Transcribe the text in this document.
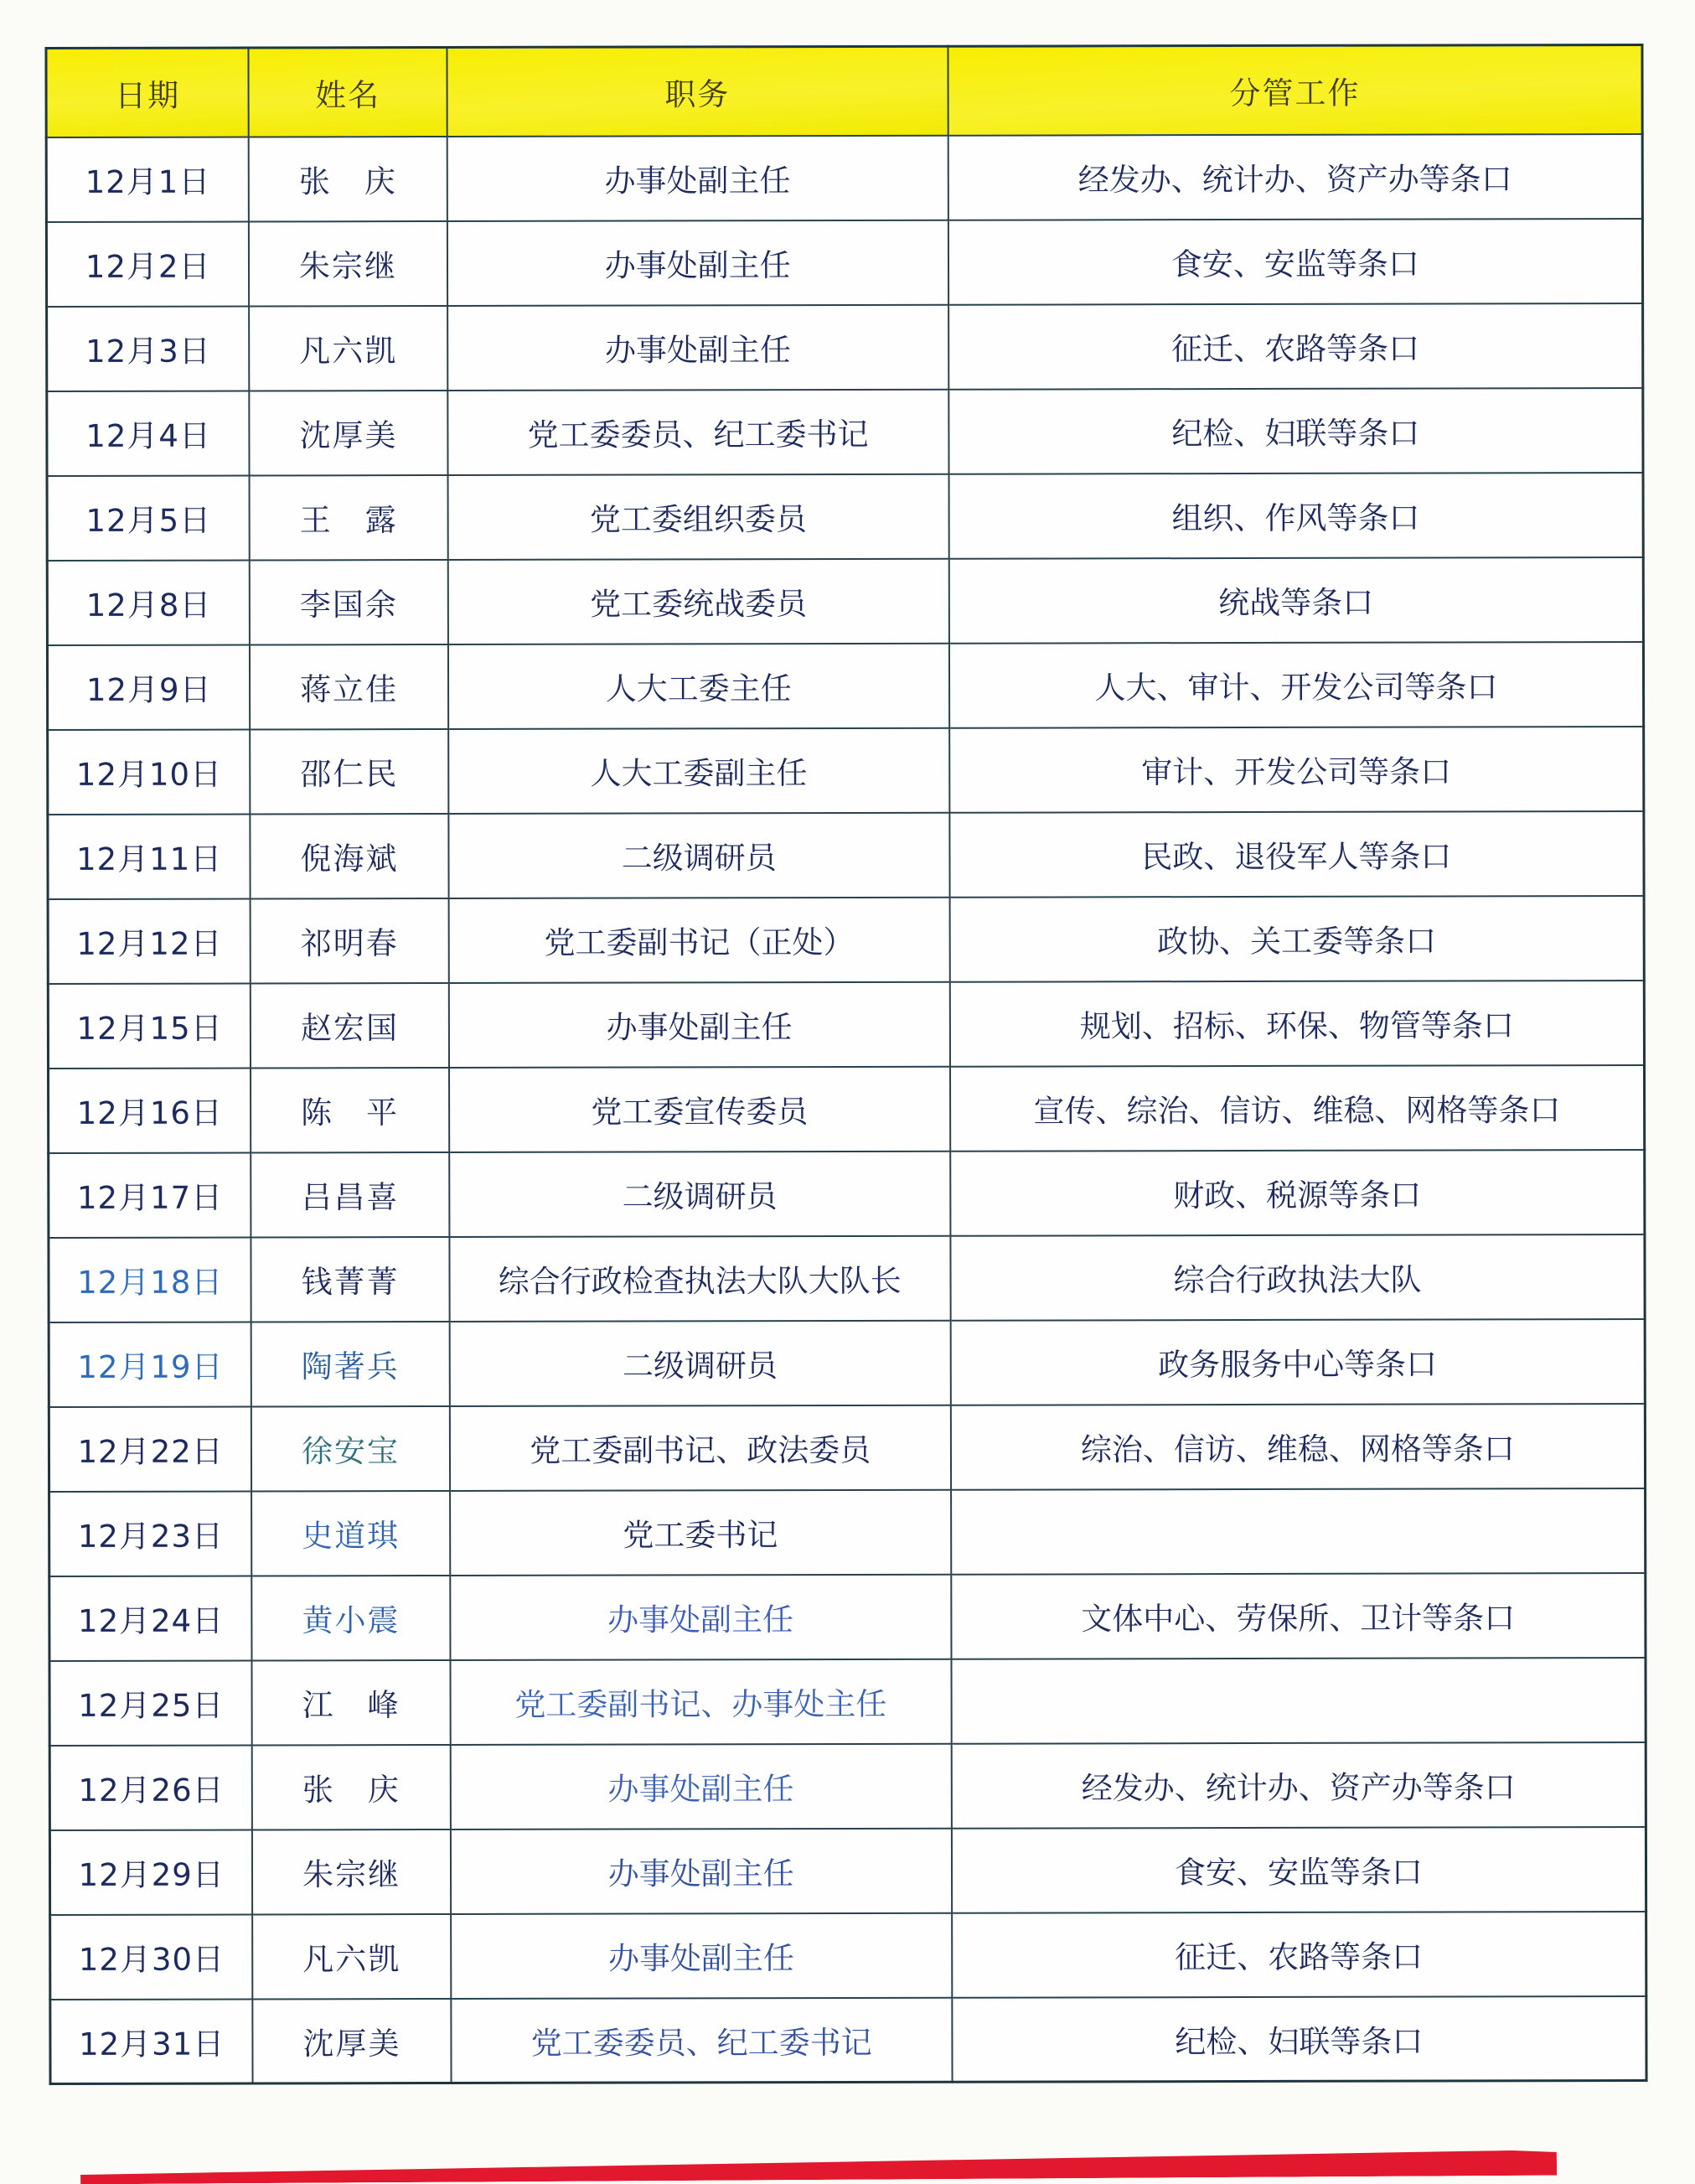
日期	姓名	职务	分管工作
12月1日	张　庆	办事处副主任	经发办、统计办、资产办等条口
12月2日	朱宗继	办事处副主任	食安、安监等条口
12月3日	凡六凯	办事处副主任	征迁、农路等条口
12月4日	沈厚美	党工委委员、纪工委书记	纪检、妇联等条口
12月5日	王　露	党工委组织委员	组织、作风等条口
12月8日	李国余	党工委统战委员	统战等条口
12月9日	蒋立佳	人大工委主任	人大、审计、开发公司等条口
12月10日	邵仁民	人大工委副主任	审计、开发公司等条口
12月11日	倪海斌	二级调研员	民政、退役军人等条口
12月12日	祁明春	党工委副书记（正处）	政协、关工委等条口
12月15日	赵宏国	办事处副主任	规划、招标、环保、物管等条口
12月16日	陈　平	党工委宣传委员	宣传、综治、信访、维稳、网格等条口
12月17日	吕昌喜	二级调研员	财政、税源等条口
12月18日	钱菁菁	综合行政检查执法大队大队长	综合行政执法大队
12月19日	陶著兵	二级调研员	政务服务中心等条口
12月22日	徐安宝	党工委副书记、政法委员	综治、信访、维稳、网格等条口
12月23日	史道琪	党工委书记	
12月24日	黄小震	办事处副主任	文体中心、劳保所、卫计等条口
12月25日	江　峰	党工委副书记、办事处主任	
12月26日	张　庆	办事处副主任	经发办、统计办、资产办等条口
12月29日	朱宗继	办事处副主任	食安、安监等条口
12月30日	凡六凯	办事处副主任	征迁、农路等条口
12月31日	沈厚美	党工委委员、纪工委书记	纪检、妇联等条口
